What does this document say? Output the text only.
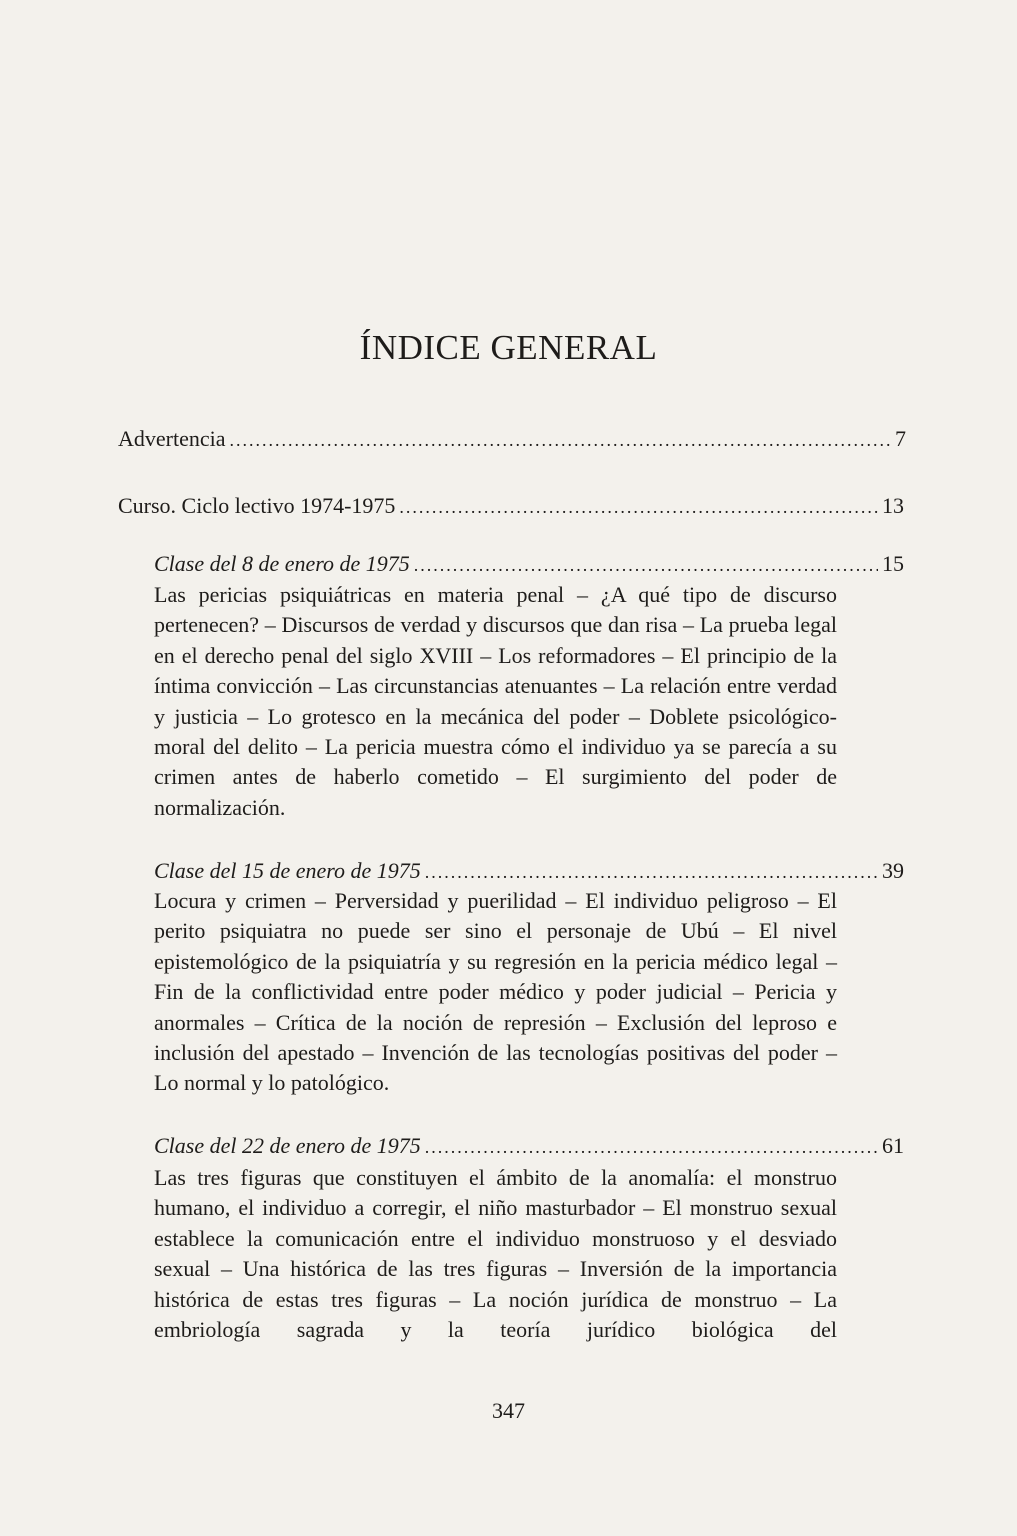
ÍNDICE GENERAL
Advertencia .....	7
Curso. Ciclo lectivo 1974-1975 .....	13
Clase del 8 de enero de 1975 .....	15

Las pericias psiquiátricas en materia penal – ¿A qué tipo de discurso pertenecen? – Discursos de verdad y discursos que dan risa – La prueba legal en el derecho penal del siglo XVIII – Los reformadores – El principio de la íntima convicción – Las circunstancias atenuantes – La relación entre verdad y justicia – Lo grotesco en la mecánica del poder – Doblete psicológico-moral del delito – La pericia muestra cómo el individuo ya se parecía a su crimen antes de haberlo cometido – El surgimiento del poder de normalización.

Clase del 15 de enero de 1975 .....	39

Locura y crimen – Perversidad y puerilidad – El individuo peligroso – El perito psiquiatra no puede ser sino el personaje de Ubú – El nivel epistemológico de la psiquiatría y su regresión en la pericia médico legal – Fin de la conflictividad entre poder médico y poder judicial – Pericia y anormales – Crítica de la noción de represión – Exclusión del leproso e inclusión del apestado – Invención de las tecnologías positivas del poder – Lo normal y lo patológico.

Clase del 22 de enero de 1975 .....	61

Las tres figuras que constituyen el ámbito de la anomalía: el monstruo humano, el individuo a corregir, el niño masturbador – El monstruo sexual establece la comunicación entre el individuo monstruoso y el desviado sexual – Una histórica de las tres figuras – Inversión de la importancia histórica de estas tres figuras – La noción jurídica de monstruo – La embriología sagrada y la teoría jurídico biológica del

347
